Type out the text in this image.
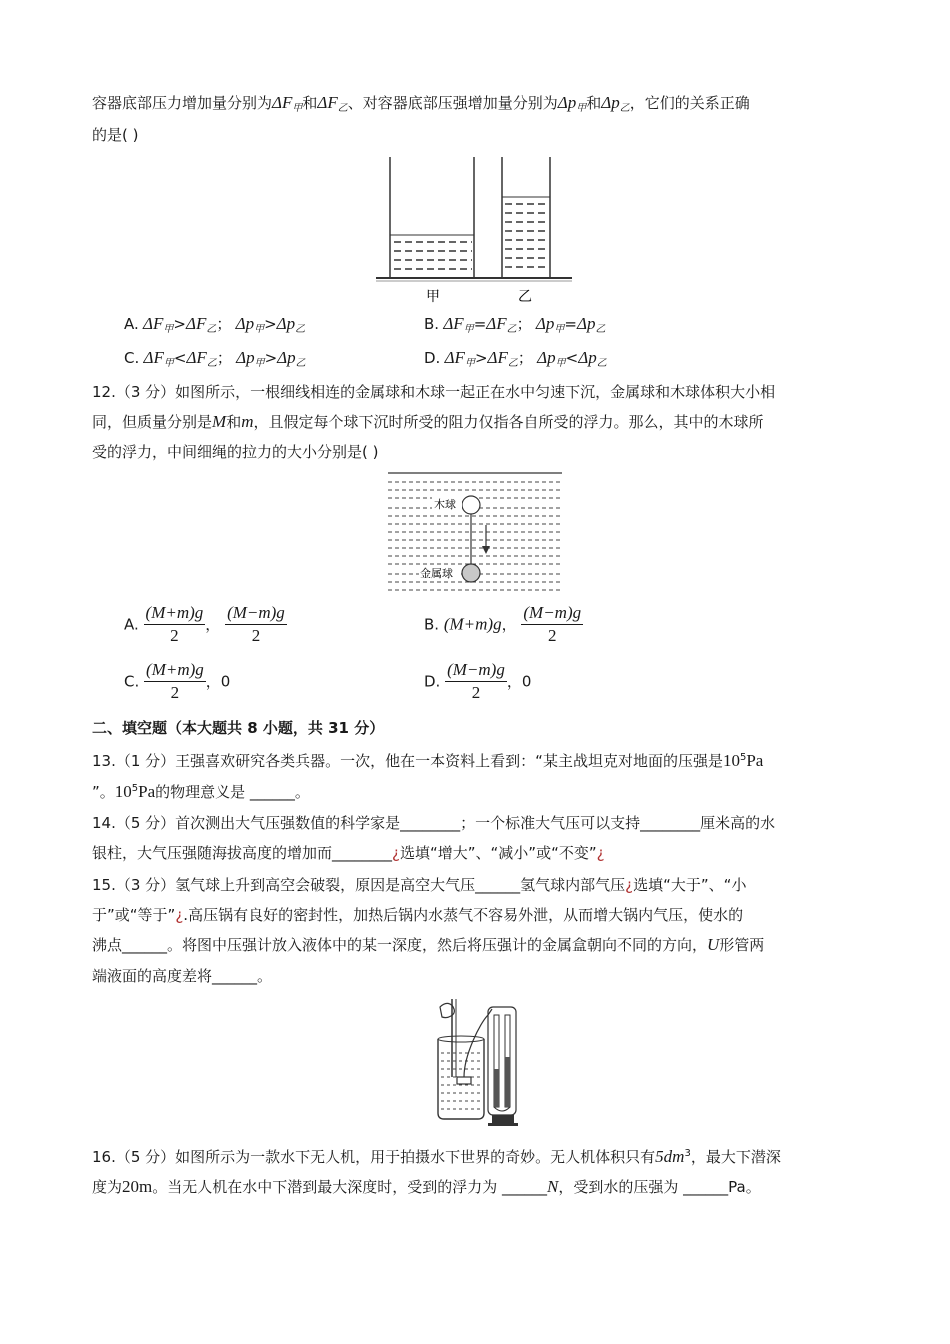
容器底部压力增加量分别为$\Delta F_甲$和$\Delta F_乙$、对容器底部压强增加量分别为$\Delta p_甲$和$\Delta p_乙$，它们的关系正确
的是( )
甲	乙
A. $\Delta F_甲>\Delta F_乙$； $\Delta p_甲>\Delta p_乙$	B. $\Delta F_甲=\Delta F_乙$； $\Delta p_甲=\Delta p_乙$
C. $\Delta F_甲<\Delta F_乙$； $\Delta p_甲>\Delta p_乙$	D. $\Delta F_甲>\Delta F_乙$； $\Delta p_甲<\Delta p_乙$
12.（3 分）如图所示，一根细线相连的金属球和木球一起正在水中匀速下沉，金属球和木球体积大小相
同，但质量分别是M和m，且假定每个球下沉时所受的阻力仅指各自所受的浮力。那么，其中的木球所
受的浮力，中间细绳的拉力的大小分别是( )
木球
金属球
A. $\frac{(M+m)g}{2}$ ， $\frac{(M-m)g}{2}$	B. (M+m)g， $\frac{(M-m)g}{2}$
C. $\frac{(M+m)g}{2}$ ，0	D. $\frac{(M-m)g}{2}$ ，0
二、填空题（本大题共 8 小题，共 31 分）
13.（1 分）王强喜欢研究各类兵器。一次，他在一本资料上看到：“某主战坦克对地面的压强是$10^5Pa$
”。$10^5Pa$的物理意义是 ______。
14.（5 分）首次测出大气压强数值的科学家是________；一个标准大气压可以支持________厘米高的水
银柱，大气压强随海拔高度的增加而________¿选填“增大”、“减小”或“不变”¿
15.（3 分）氢气球上升到高空会破裂，原因是高空大气压______氢气球内部气压¿选填“大于”、“小
于”或“等于”¿.高压锅有良好的密封性，加热后锅内水蒸气不容易外泄，从而增大锅内气压，使水的
沸点______。将图中压强计放入液体中的某一深度，然后将压强计的金属盒朝向不同的方向，U形管两
端液面的高度差将______。
16.（5 分）如图所示为一款水下无人机，用于拍摄水下世界的奇妙。无人机体积只有$5dm^3$，最大下潜深
度为20m。当无人机在水中下潜到最大深度时，受到的浮力为 ______N，受到水的压强为 ______Pa。
